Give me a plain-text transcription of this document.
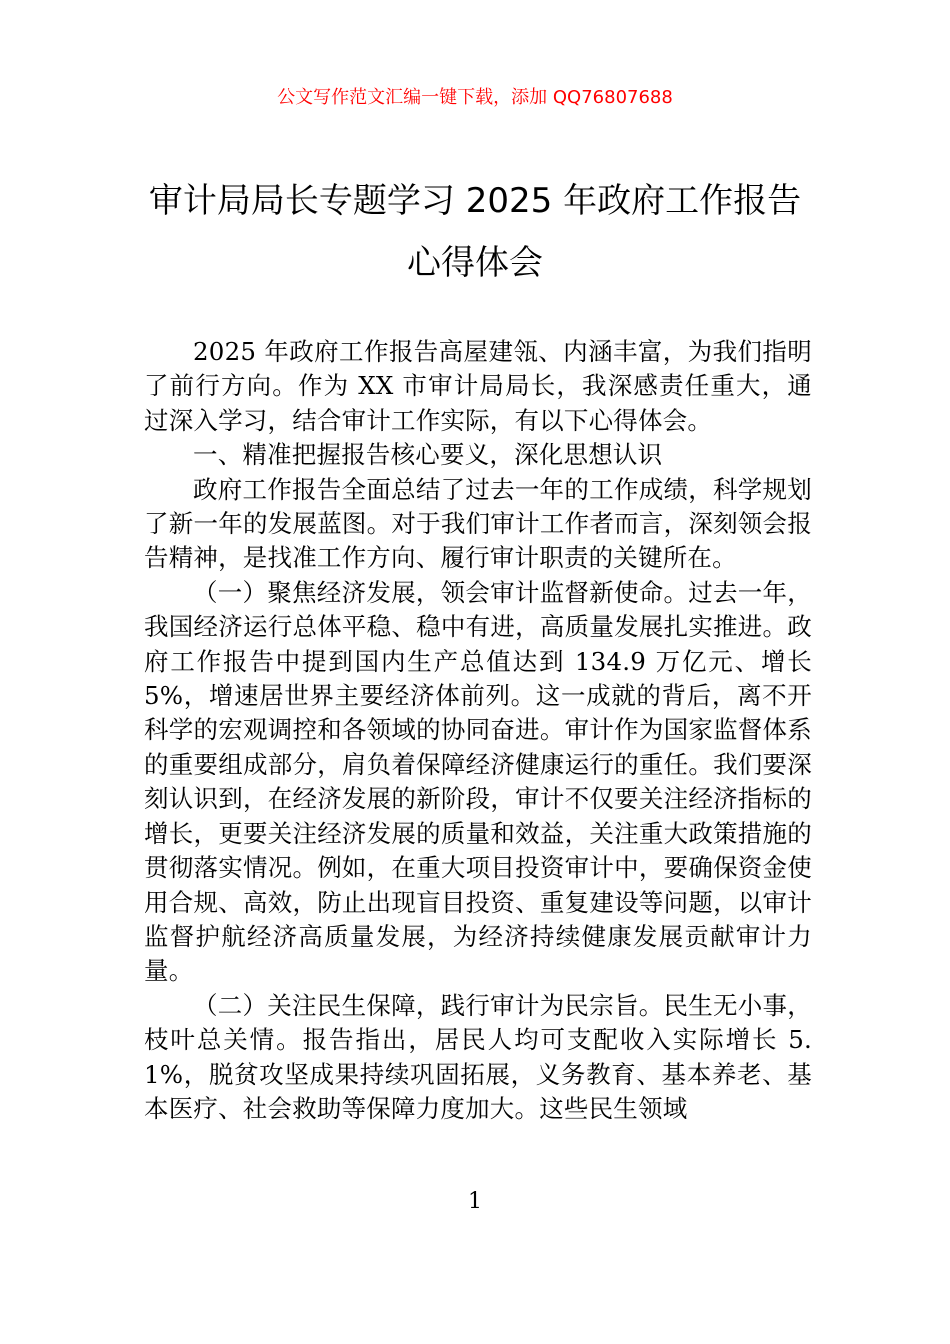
公文写作范文汇编一键下载，添加 QQ76807688
审计局局长专题学习 2025 年政府工作报告
心得体会

2025 年政府工作报告高屋建瓴、内涵丰富，为我们指明了前行方向。作为 XX 市审计局局长，我深感责任重大，通过深入学习，结合审计工作实际，有以下心得体会。

一、精准把握报告核心要义，深化思想认识

政府工作报告全面总结了过去一年的工作成绩，科学规划了新一年的发展蓝图。对于我们审计工作者而言，深刻领会报告精神，是找准工作方向、履行审计职责的关键所在。

（一）聚焦经济发展，领会审计监督新使命。过去一年，我国经济运行总体平稳、稳中有进，高质量发展扎实推进。政府工作报告中提到国内生产总值达到 134.9 万亿元、增长 5%，增速居世界主要经济体前列。这一成就的背后，离不开科学的宏观调控和各领域的协同奋进。审计作为国家监督体系的重要组成部分，肩负着保障经济健康运行的重任。我们要深刻认识到，在经济发展的新阶段，审计不仅要关注经济指标的增长，更要关注经济发展的质量和效益，关注重大政策措施的贯彻落实情况。例如，在重大项目投资审计中，要确保资金使用合规、高效，防止出现盲目投资、重复建设等问题，以审计监督护航经济高质量发展，为经济持续健康发展贡献审计力量。

（二）关注民生保障，践行审计为民宗旨。民生无小事，枝叶总关情。报告指出，居民人均可支配收入实际增长 5.1%，脱贫攻坚成果持续巩固拓展，义务教育、基本养老、基本医疗、社会救助等保障力度加大。这些民生领域

1
